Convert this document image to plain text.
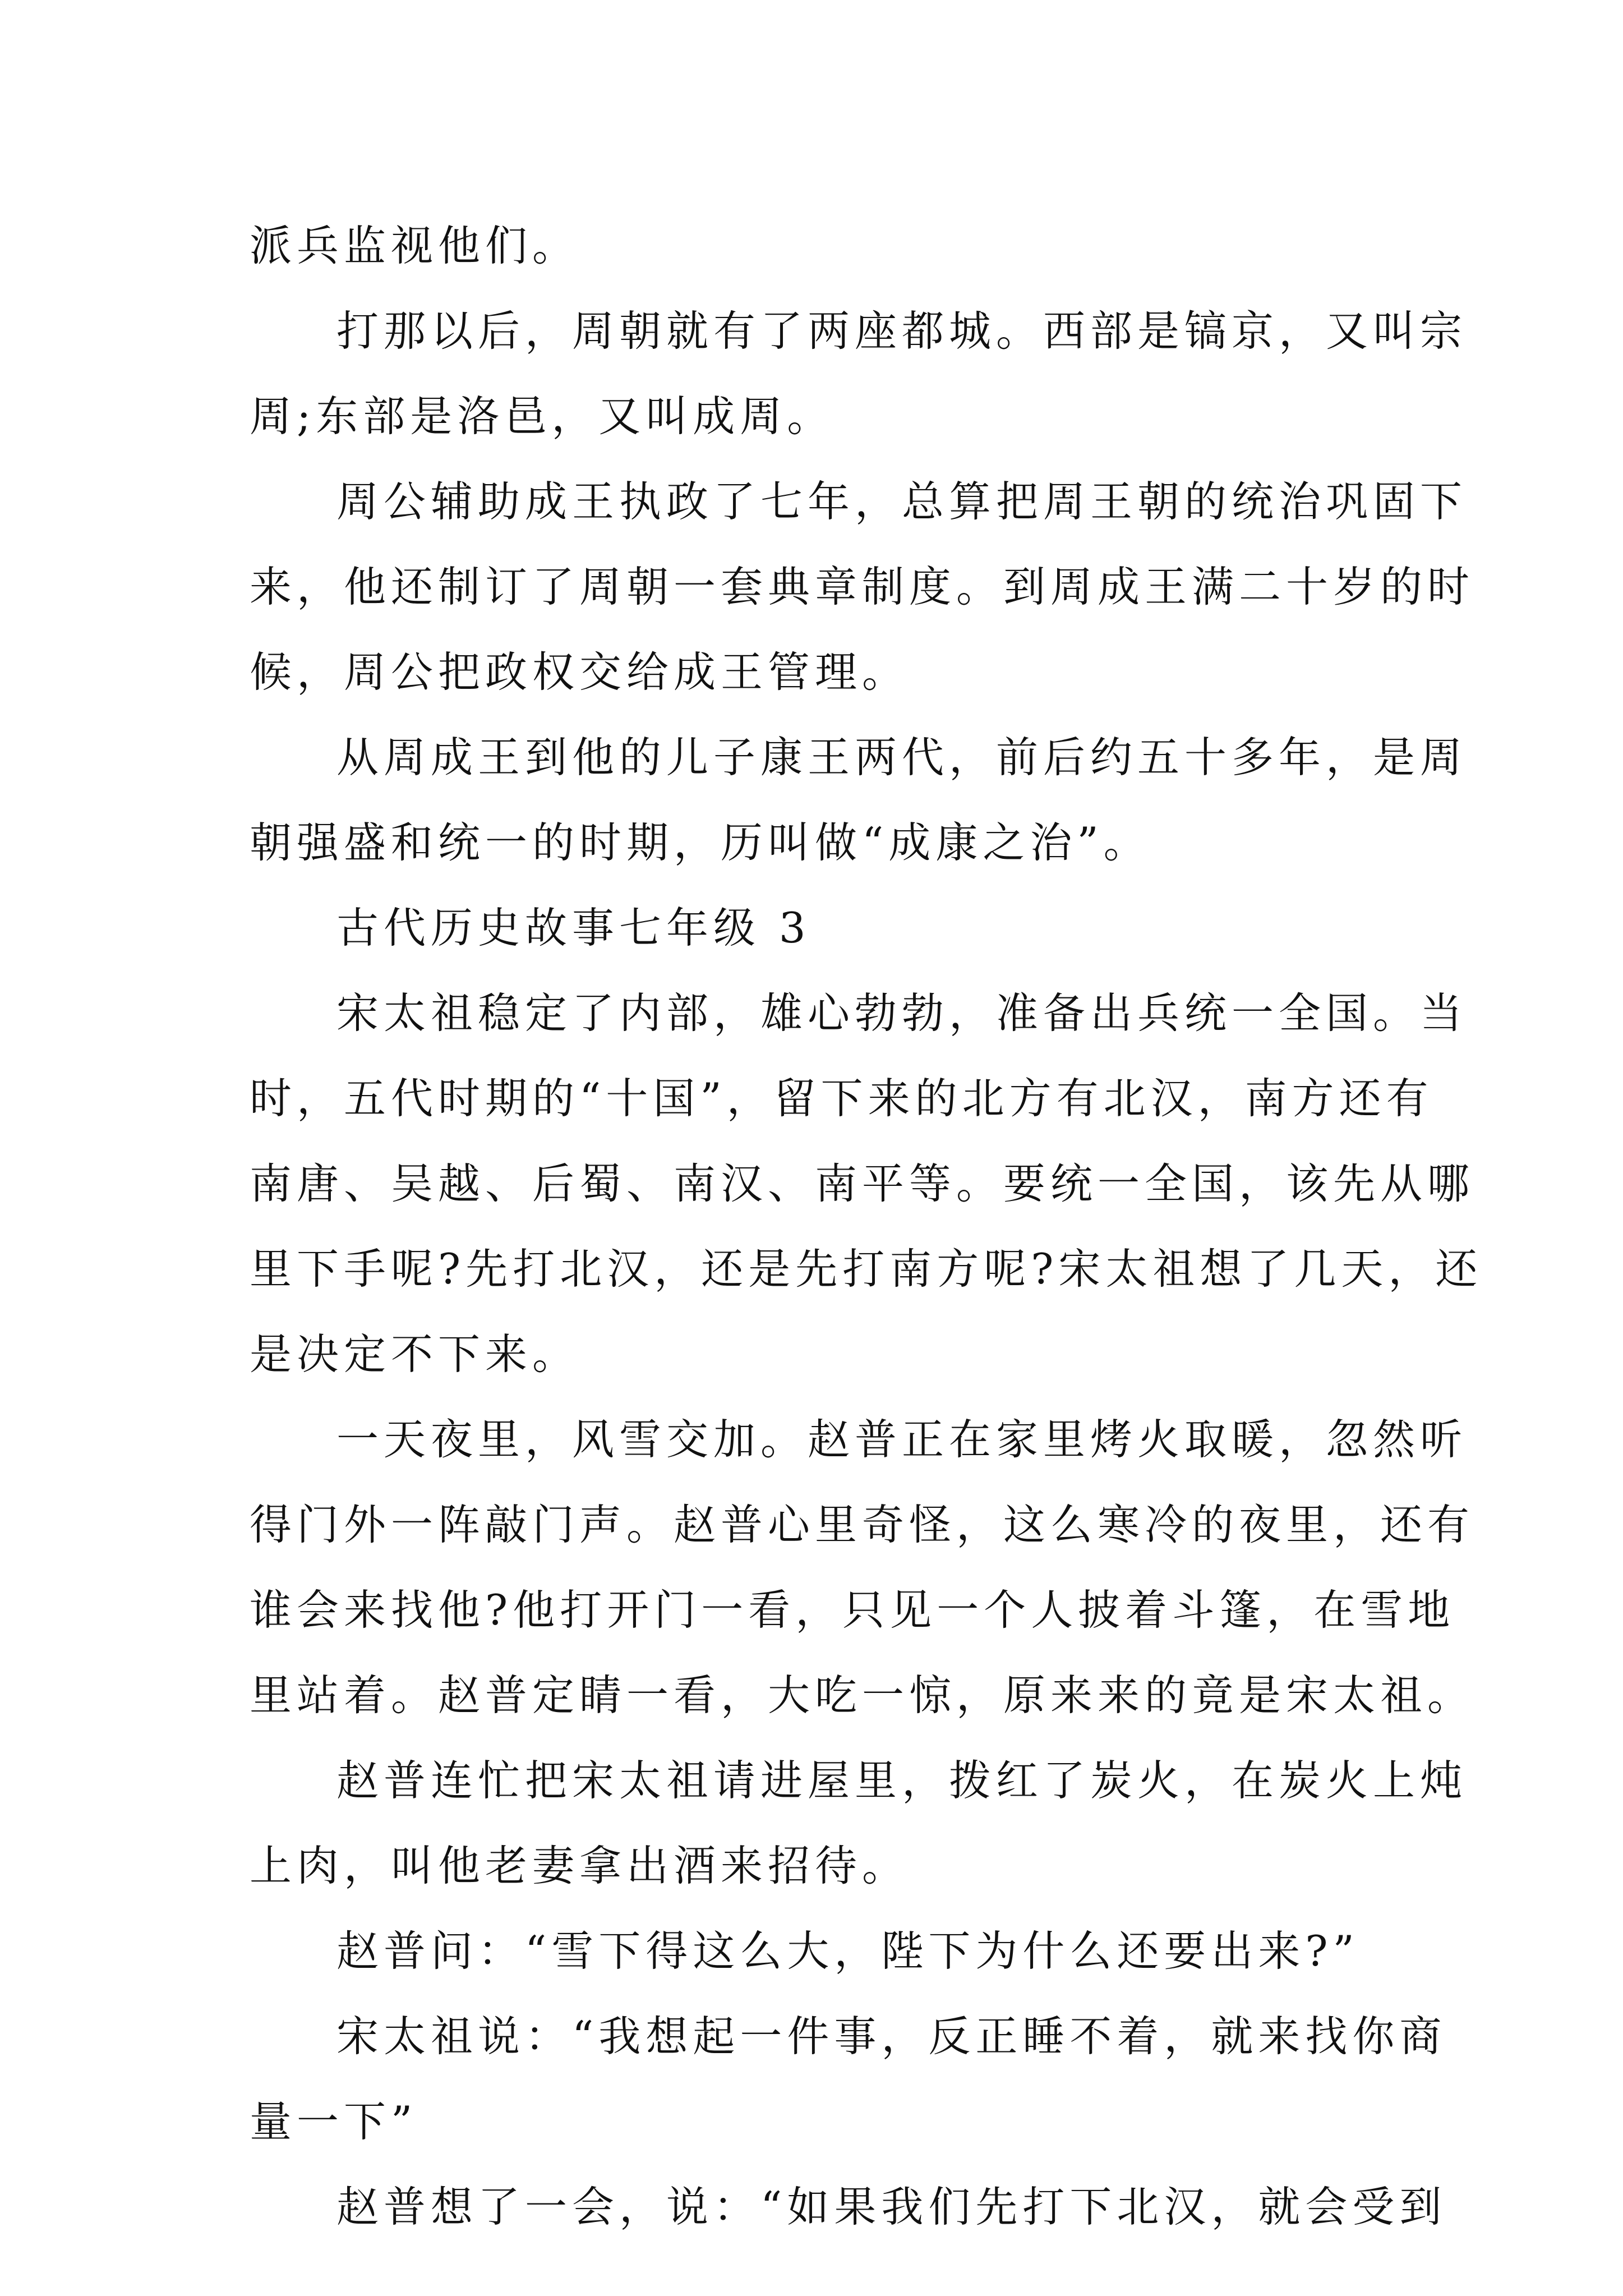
派兵监视他们。
打那以后，周朝就有了两座都城。西部是镐京，又叫宗
周;东部是洛邑，又叫成周。
周公辅助成王执政了七年，总算把周王朝的统治巩固下
来，他还制订了周朝一套典章制度。到周成王满二十岁的时
候，周公把政权交给成王管理。
从周成王到他的儿子康王两代，前后约五十多年，是周
朝强盛和统一的时期，历叫做“成康之治”。
古代历史故事七年级 3
宋太祖稳定了内部，雄心勃勃，准备出兵统一全国。当
时，五代时期的“十国”，留下来的北方有北汉，南方还有
南唐、吴越、后蜀、南汉、南平等。要统一全国，该先从哪
里下手呢?先打北汉，还是先打南方呢?宋太祖想了几天，还
是决定不下来。
一天夜里，风雪交加。赵普正在家里烤火取暖，忽然听
得门外一阵敲门声。赵普心里奇怪，这么寒冷的夜里，还有
谁会来找他?他打开门一看，只见一个人披着斗篷，在雪地
里站着。赵普定睛一看，大吃一惊，原来来的竟是宋太祖。
赵普连忙把宋太祖请进屋里，拨红了炭火，在炭火上炖
上肉，叫他老妻拿出酒来招待。
赵普问：“雪下得这么大，陛下为什么还要出来?”
宋太祖说：“我想起一件事，反正睡不着，就来找你商
量一下”
赵普想了一会，说：“如果我们先打下北汉，就会受到
